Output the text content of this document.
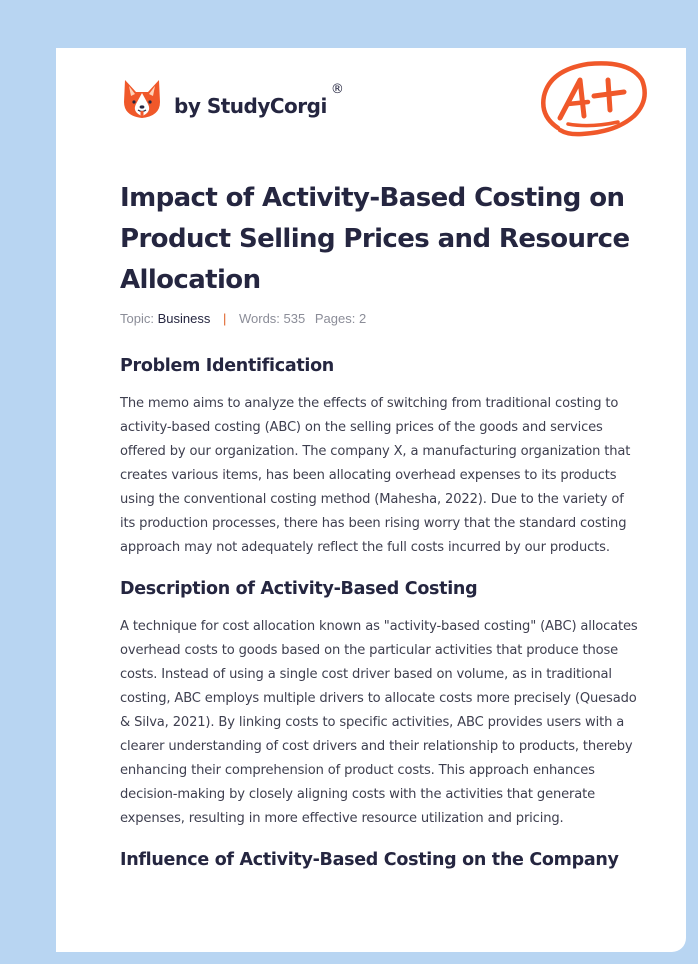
by StudyCorgi
®
Impact of Activity-Based Costing on Product Selling Prices and Resource Allocation
Topic: Business | Words: 535 Pages: 2
Problem Identification

The memo aims to analyze the effects of switching from traditional costing to activity-based costing (ABC) on the selling prices of the goods and services offered by our organization. The company X, a manufacturing organization that creates various items, has been allocating overhead expenses to its products using the conventional costing method (Mahesha, 2022). Due to the variety of its production processes, there has been rising worry that the standard costing approach may not adequately reflect the full costs incurred by our products.

Description of Activity-Based Costing

A technique for cost allocation known as "activity-based costing" (ABC) allocates overhead costs to goods based on the particular activities that produce those costs. Instead of using a single cost driver based on volume, as in traditional costing, ABC employs multiple drivers to allocate costs more precisely (Quesado & Silva, 2021). By linking costs to specific activities, ABC provides users with a clearer understanding of cost drivers and their relationship to products, thereby enhancing their comprehension of product costs. This approach enhances decision-making by closely aligning costs with the activities that generate expenses, resulting in more effective resource utilization and pricing.

Influence of Activity-Based Costing on the Company
